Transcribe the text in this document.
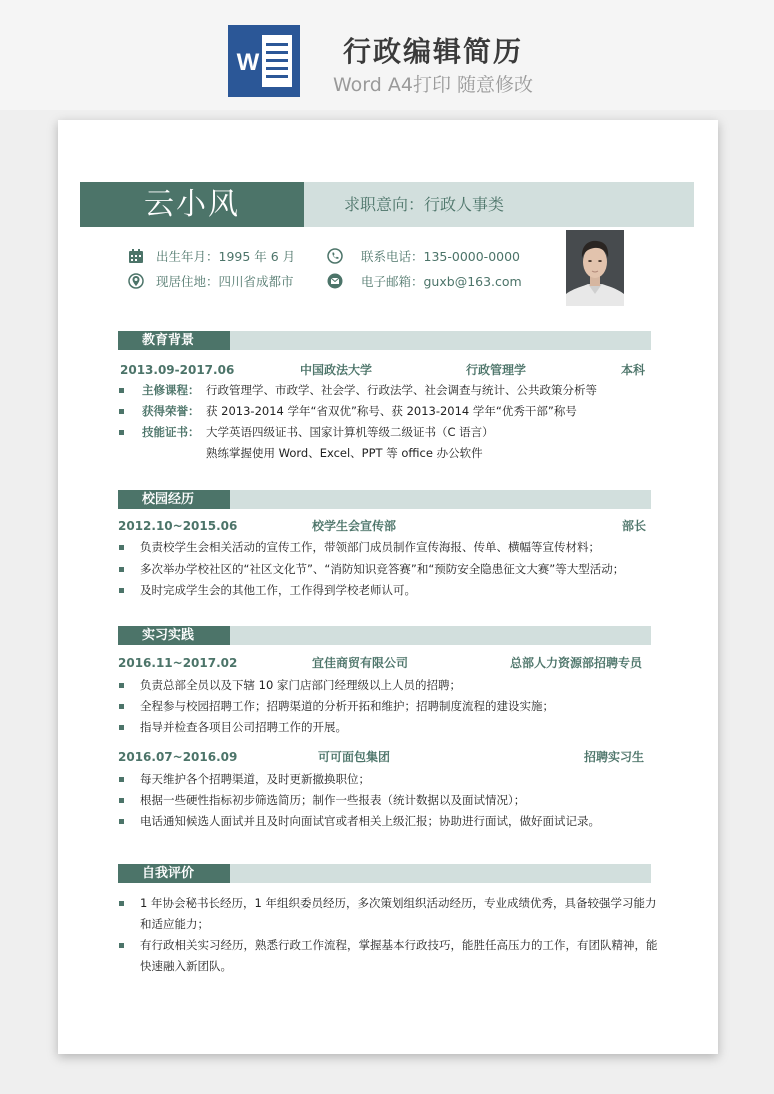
W	行政编辑简历
Word A4打印 随意修改
云小风	求职意向：行政人事类
出生年月：1995 年 6 月
现居住地：四川省成都市
联系电话：135-0000-0000
电子邮箱：guxb@163.com
教育背景
2013.09-2017.06	中国政法大学	行政管理学	本科
主修课程： 行政管理学、市政学、社会学、行政法学、社会调查与统计、公共政策分析等
获得荣誉： 获 2013-2014 学年“省双优”称号、获 2013-2014 学年“优秀干部”称号
技能证书： 大学英语四级证书、国家计算机等级二级证书（C 语言）
熟练掌握使用 Word、Excel、PPT 等 office 办公软件
校园经历
2012.10~2015.06	校学生会宣传部	部长
负责校学生会相关活动的宣传工作，带领部门成员制作宣传海报、传单、横幅等宣传材料；
多次举办学校社区的“社区文化节”、“消防知识竞答赛”和“预防安全隐患征文大赛”等大型活动；
及时完成学生会的其他工作，工作得到学校老师认可。
实习实践
2016.11~2017.02	宜佳商贸有限公司	总部人力资源部招聘专员
负责总部全员以及下辖 10 家门店部门经理级以上人员的招聘；
全程参与校园招聘工作；招聘渠道的分析开拓和维护；招聘制度流程的建设实施；
指导并检查各项目公司招聘工作的开展。
2016.07~2016.09	可可面包集团	招聘实习生
每天维护各个招聘渠道，及时更新撤换职位；
根据一些硬性指标初步筛选简历；制作一些报表（统计数据以及面试情况）；
电话通知候选人面试并且及时向面试官或者相关上级汇报；协助进行面试，做好面试记录。
自我评价
1 年协会秘书长经历，1 年组织委员经历，多次策划组织活动经历，专业成绩优秀，具备较强学习能力
和适应能力；
有行政相关实习经历，熟悉行政工作流程，掌握基本行政技巧，能胜任高压力的工作，有团队精神，能
快速融入新团队。
